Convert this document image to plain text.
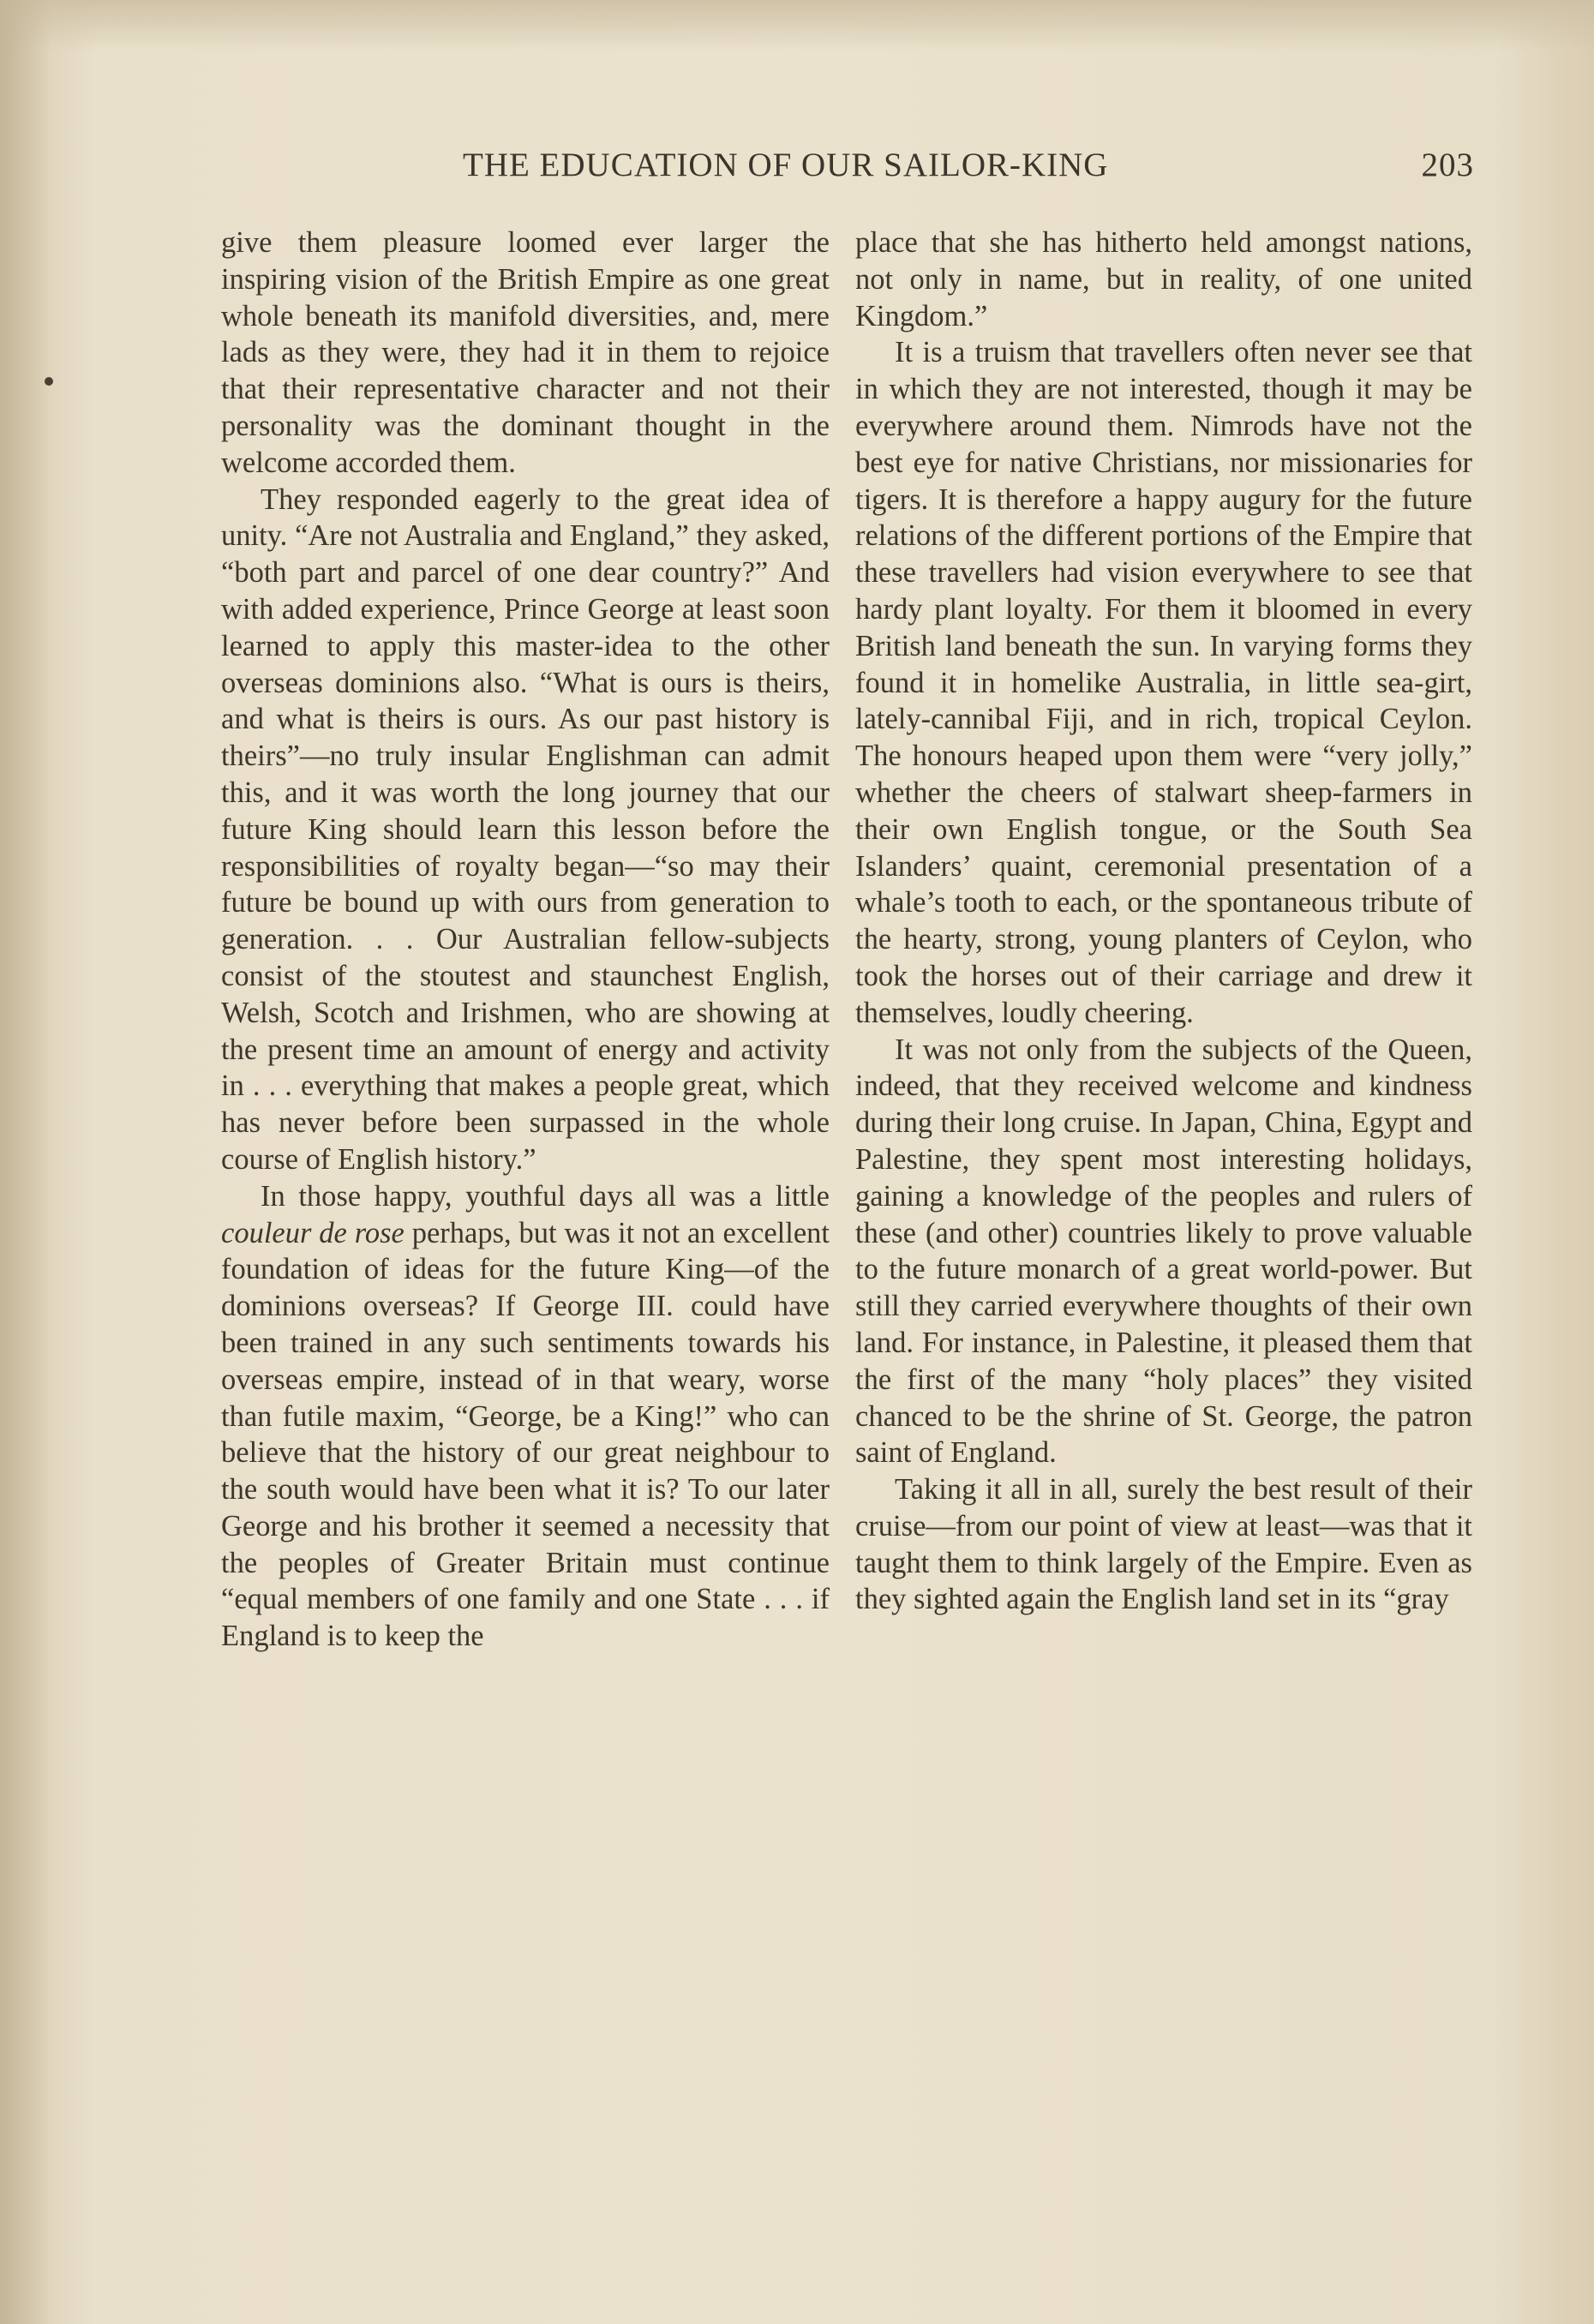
THE EDUCATION OF OUR SAILOR-KING	203

give them pleasure loomed ever larger the inspiring vision of the British Empire as one great whole beneath its manifold diversities, and, mere lads as they were, they had it in them to rejoice that their representative character and not their personality was the dominant thought in the welcome accorded them.

They responded eagerly to the great idea of unity. “Are not Australia and England,” they asked, “both part and parcel of one dear country?” And with added experience, Prince George at least soon learned to apply this master-idea to the other overseas dominions also. “What is ours is theirs, and what is theirs is ours. As our past history is theirs”—no truly insular Englishman can admit this, and it was worth the long journey that our future King should learn this lesson before the responsibilities of royalty began—“so may their future be bound up with ours from generation to generation. . . Our Australian fellow-subjects consist of the stoutest and staunchest English, Welsh, Scotch and Irishmen, who are showing at the present time an amount of energy and activity in . . . everything that makes a people great, which has never before been surpassed in the whole course of English history.”

In those happy, youthful days all was a little couleur de rose perhaps, but was it not an excellent foundation of ideas for the future King—of the dominions overseas? If George III. could have been trained in any such sentiments towards his overseas empire, instead of in that weary, worse than futile maxim, “George, be a King!” who can believe that the history of our great neighbour to the south would have been what it is? To our later George and his brother it seemed a necessity that the peoples of Greater Britain must continue “equal members of one family and one State . . . if England is to keep the

place that she has hitherto held amongst nations, not only in name, but in reality, of one united Kingdom.”

It is a truism that travellers often never see that in which they are not interested, though it may be everywhere around them. Nimrods have not the best eye for native Christians, nor missionaries for tigers. It is therefore a happy augury for the future relations of the different portions of the Empire that these travellers had vision everywhere to see that hardy plant loyalty. For them it bloomed in every British land beneath the sun. In varying forms they found it in homelike Australia, in little sea-girt, lately-cannibal Fiji, and in rich, tropical Ceylon. The honours heaped upon them were “very jolly,” whether the cheers of stalwart sheep-farmers in their own English tongue, or the South Sea Islanders’ quaint, ceremonial presentation of a whale’s tooth to each, or the spontaneous tribute of the hearty, strong, young planters of Ceylon, who took the horses out of their carriage and drew it themselves, loudly cheering.

It was not only from the subjects of the Queen, indeed, that they received welcome and kindness during their long cruise. In Japan, China, Egypt and Palestine, they spent most interesting holidays, gaining a knowledge of the peoples and rulers of these (and other) countries likely to prove valuable to the future monarch of a great world-power. But still they carried everywhere thoughts of their own land. For instance, in Palestine, it pleased them that the first of the many “holy places” they visited chanced to be the shrine of St. George, the patron saint of England.

Taking it all in all, surely the best result of their cruise—from our point of view at least—was that it taught them to think largely of the Empire. Even as they sighted again the English land set in its “gray
